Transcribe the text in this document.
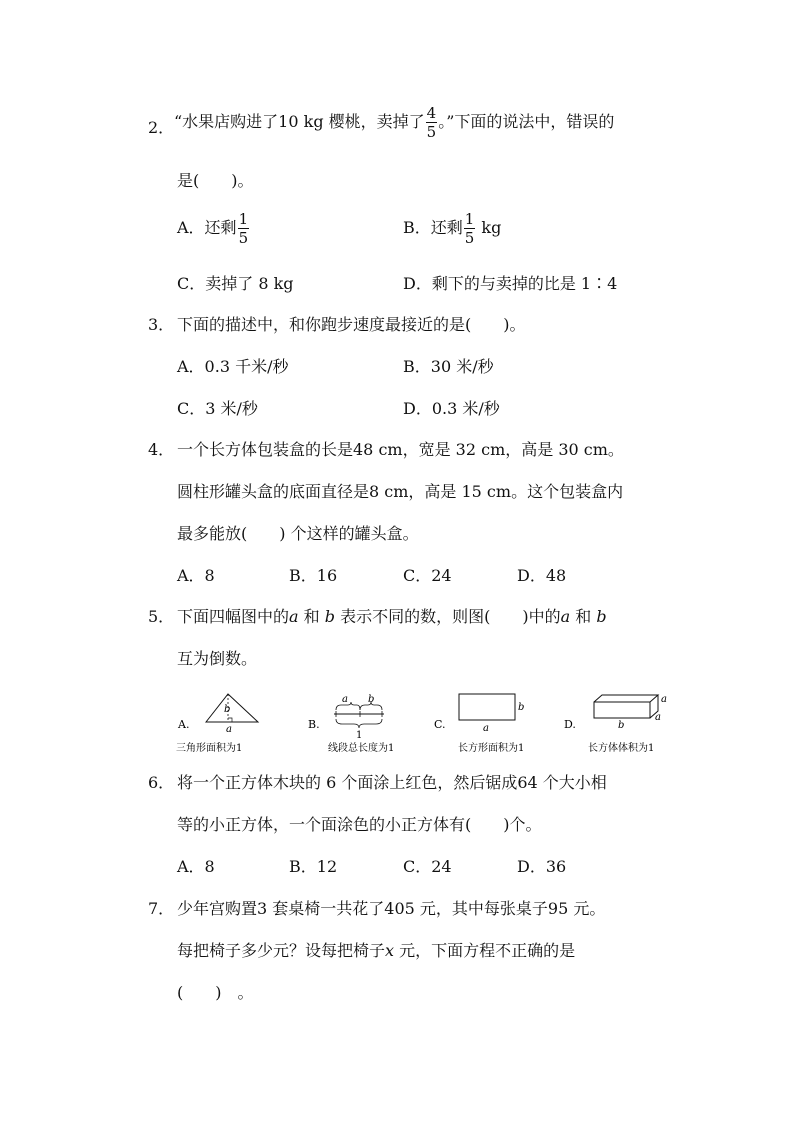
2． “水果店购进了10 kg 樱桃，卖掉了 $\frac{4}{5}$ 。”下面的说法中，错误的
是(　　)。
A．还剩 $\frac{1}{5}$	B．还剩 $\frac{1}{5}$ kg
C．卖掉了 8 kg	D．剩下的与卖掉的比是 1∶4
3． 下面的描述中，和你跑步速度最接近的是(　　)。
A．0.3 千米/秒	B．30 米/秒
C．3 米/秒	D．0.3 米/秒
4． 一个长方体包装盒的长是48 cm，宽是 32 cm，高是 30 cm。
圆柱形罐头盒的底面直径是8 cm，高是 15 cm。这个包装盒内
最多能放(　　) 个这样的罐头盒。
A．8	B．16	C．24	D．48
5． 下面四幅图中的a 和 b 表示不同的数，则图(　　)中的a 和 b
互为倒数。
A.
b
a
三角形面积为1
B.
a b
1
线段总长度为1
C.
b
a
长方形面积为1
D.
a
a
b
长方体体积为1
6． 将一个正方体木块的 6 个面涂上红色，然后锯成64 个大小相
等的小正方体，一个面涂色的小正方体有(　　)个。
A．8	B．12	C．24	D．36
7． 少年宫购置3 套桌椅一共花了405 元，其中每张桌子95 元。
每把椅子多少元？设每把椅子x 元，下面方程不正确的是
(　　)　。
